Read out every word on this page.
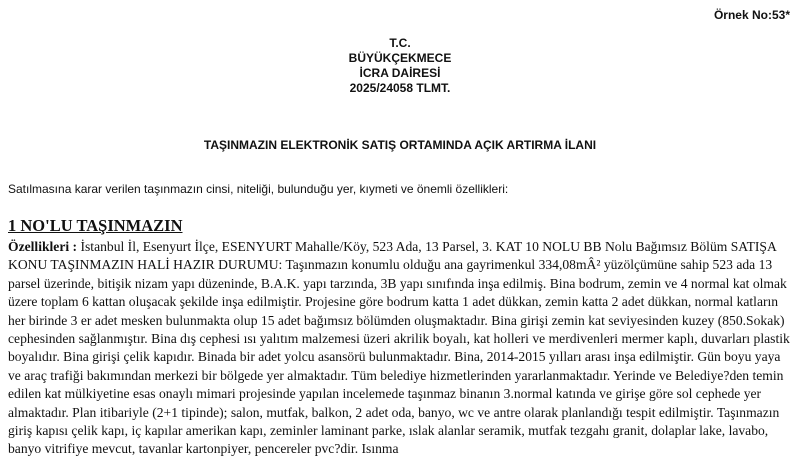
Örnek No:53*
T.C.
BÜYÜKÇEKMECE
İCRA DAİRESİ
2025/24058 TLMT.
TAŞINMAZIN ELEKTRONİK SATIŞ ORTAMINDA AÇIK ARTIRMA İLANI
Satılmasına karar verilen taşınmazın cinsi, niteliği, bulunduğu yer, kıymeti ve önemli özellikleri:
1 NO'LU TAŞINMAZIN

Özellikleri : İstanbul İl, Esenyurt İlçe, ESENYURT Mahalle/Köy, 523 Ada, 13 Parsel, 3. KAT 10 NOLU BB Nolu Bağımsız Bölüm SATIŞA KONU TAŞINMAZIN HALİ HAZIR DURUMU: Taşınmazın konumlu olduğu ana gayrimenkul 334,08mÂ² yüzölçümüne sahip 523 ada 13 parsel üzerinde, bitişik nizam yapı düzeninde, B.A.K. yapı tarzında, 3B yapı sınıfında inşa edilmiş. Bina bodrum, zemin ve 4 normal kat olmak üzere toplam 6 kattan oluşacak şekilde inşa edilmiştir. Projesine göre bodrum katta 1 adet dükkan, zemin katta 2 adet dükkan, normal katların her birinde 3 er adet mesken bulunmakta olup 15 adet bağımsız bölümden oluşmaktadır. Bina girişi zemin kat seviyesinden kuzey (850.Sokak) cephesinden sağlanmıştır. Bina dış cephesi ısı yalıtım malzemesi üzeri akrilik boyalı, kat holleri ve merdivenleri mermer kaplı, duvarları plastik boyalıdır. Bina girişi çelik kapıdır. Binada bir adet yolcu asansörü bulunmaktadır. Bina, 2014-2015 yılları arası inşa edilmiştir. Gün boyu yaya ve araç trafiği bakımından merkezi bir bölgede yer almaktadır. Tüm belediye hizmetlerinden yararlanmaktadır. Yerinde ve Belediye?den temin edilen kat mülkiyetine esas onaylı mimari projesinde yapılan incelemede taşınmaz binanın 3.normal katında ve girişe göre sol cephede yer almaktadır. Plan itibariyle (2+1 tipinde); salon, mutfak, balkon, 2 adet oda, banyo, wc ve antre olarak planlandığı tespit edilmiştir. Taşınmazın giriş kapısı çelik kapı, iç kapılar amerikan kapı, zeminler laminant parke, ıslak alanlar seramik, mutfak tezgahı granit, dolaplar lake, lavabo, banyo vitrifiye mevcut, tavanlar kartonpiyer, pencereler pvc?dir. Isınma
